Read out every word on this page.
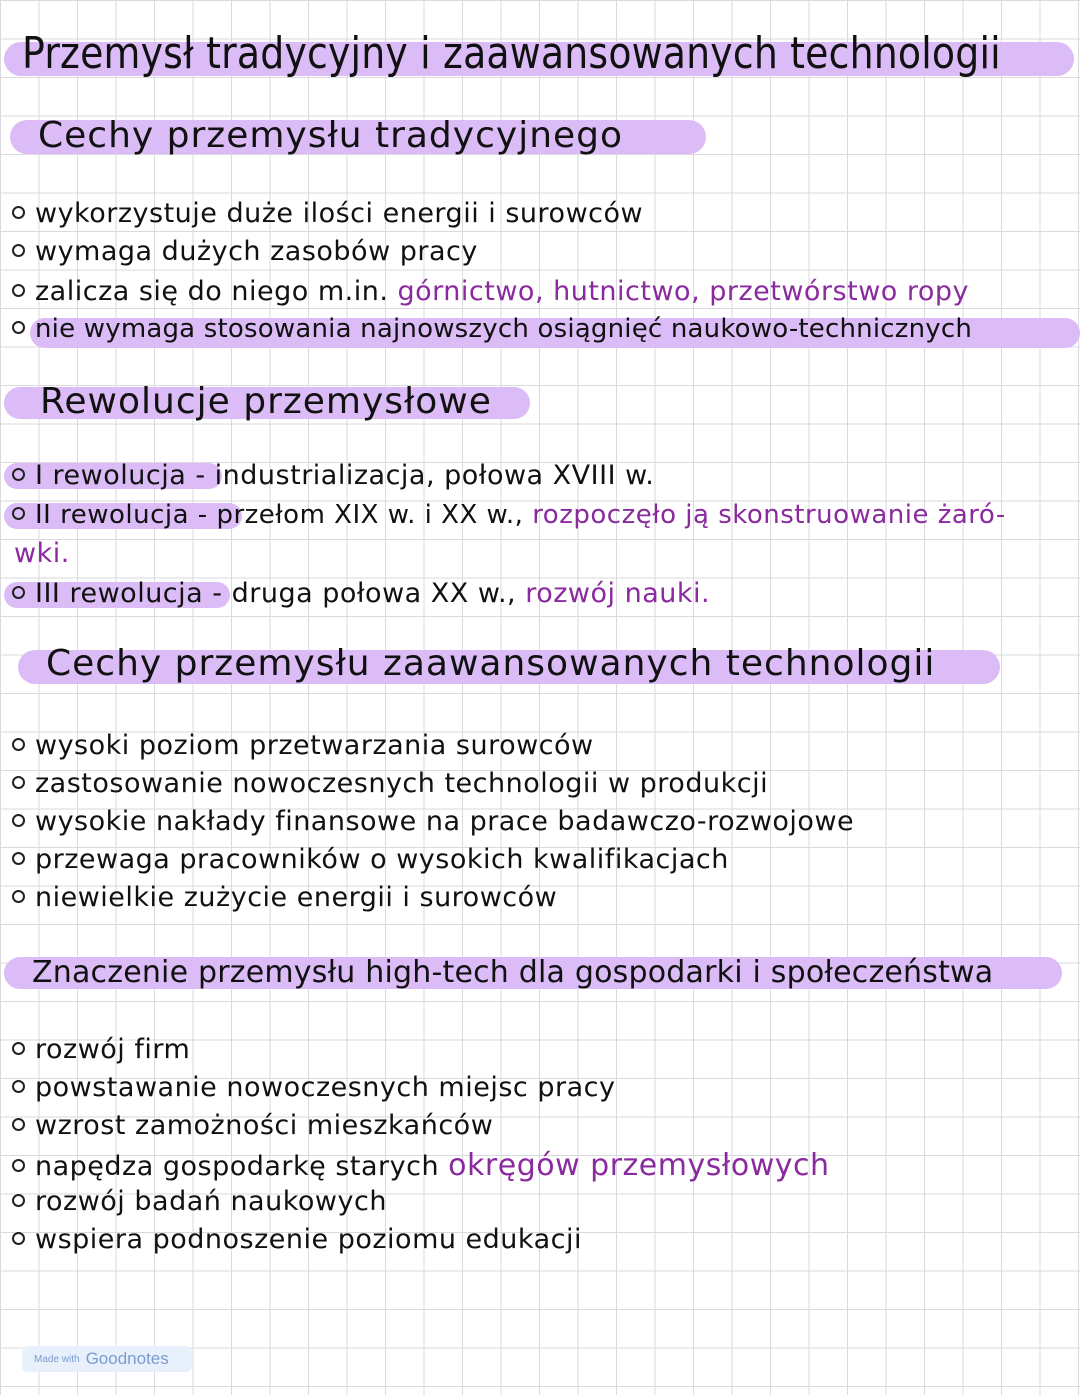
Przemysł tradycyjny i zaawansowanych technologii
Cechy przemysłu tradycyjnego
wykorzystuje duże ilości energii i surowców
wymaga dużych zasobów pracy
zalicza się do niego m.in. górnictwo, hutnictwo, przetwórstwo ropy
nie wymaga stosowania najnowszych osiągnięć naukowo-technicznych
Rewolucje przemysłowe
I rewolucja - industrializacja, połowa XVIII w.
II rewolucja - przełom XIX w. i XX w., rozpoczęło ją skonstruowanie żaró-
wki.
III rewolucja - druga połowa XX w., rozwój nauki.
Cechy przemysłu zaawansowanych technologii
wysoki poziom przetwarzania surowców
zastosowanie nowoczesnych technologii w produkcji
wysokie nakłady finansowe na prace badawczo-rozwojowe
przewaga pracowników o wysokich kwalifikacjach
niewielkie zużycie energii i surowców
Znaczenie przemysłu high-tech dla gospodarki i społeczeństwa
rozwój firm
powstawanie nowoczesnych miejsc pracy
wzrost zamożności mieszkańców
napędza gospodarkę starych okręgów przemysłowych
rozwój badań naukowych
wspiera podnoszenie poziomu edukacji
Made with Goodnotes
